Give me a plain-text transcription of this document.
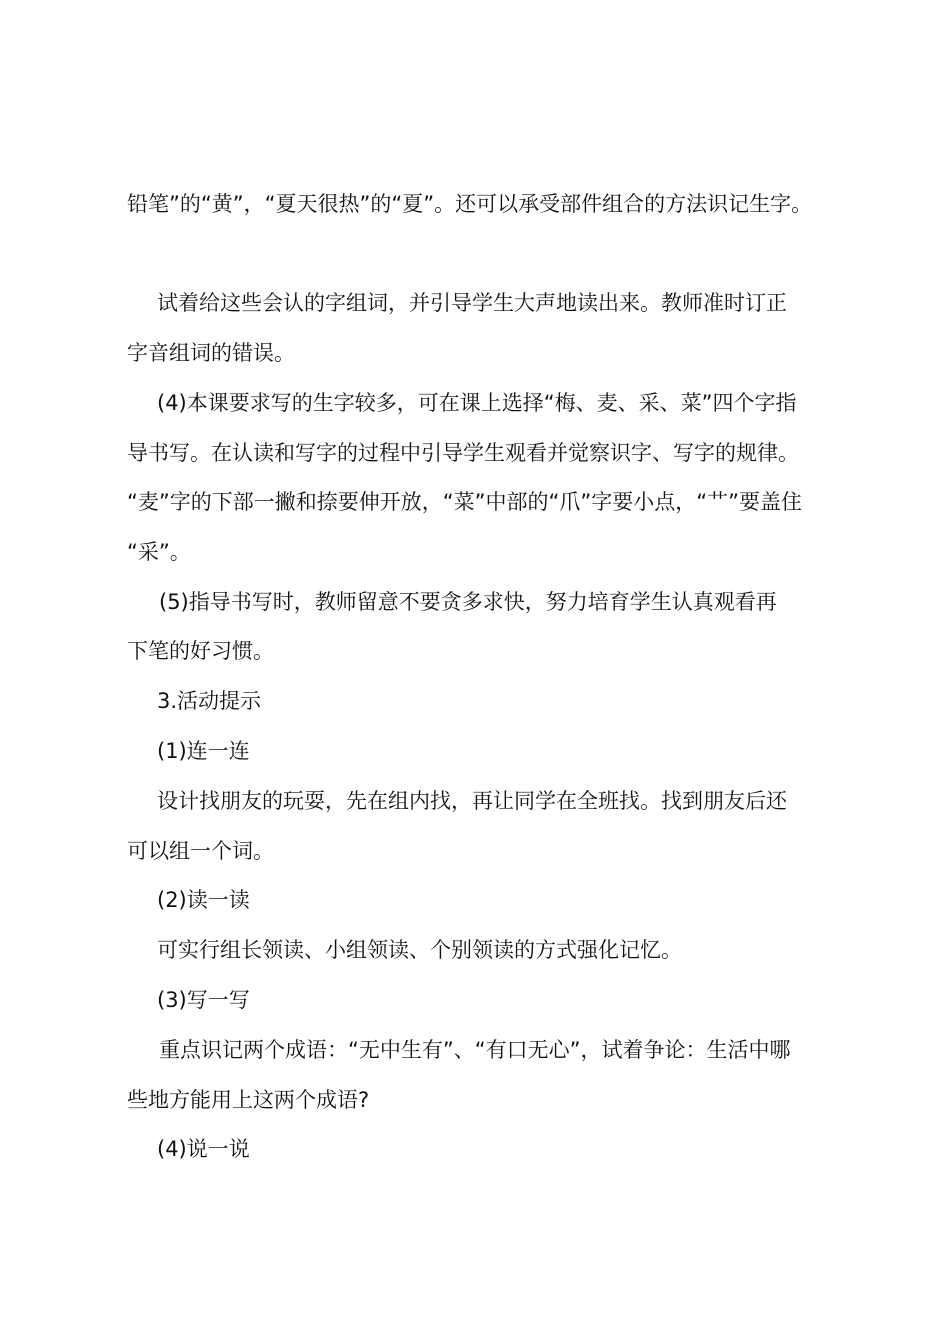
铅笔”的“黄”，“夏天很热”的“夏”。还可以承受部件组合的方法识记生字。
试着给这些会认的字组词，并引导学生大声地读出来。教师准时订正
字音组词的错误。
(4)本课要求写的生字较多，可在课上选择“梅、麦、采、菜”四个字指
导书写。在认读和写字的过程中引导学生观看并觉察识字、写字的规律。
“麦”字的下部一撇和捺要伸开放，“菜”中部的“爪”字要小点，“艹”要盖住
“采”。
(5)指导书写时，教师留意不要贪多求快，努力培育学生认真观看再
下笔的好习惯。
3.活动提示
(1)连一连
设计找朋友的玩耍，先在组内找，再让同学在全班找。找到朋友后还
可以组一个词。
(2)读一读
可实行组长领读、小组领读、个别领读的方式强化记忆。
(3)写一写
重点识记两个成语：“无中生有”、“有口无心”，试着争论：生活中哪
些地方能用上这两个成语?
(4)说一说
